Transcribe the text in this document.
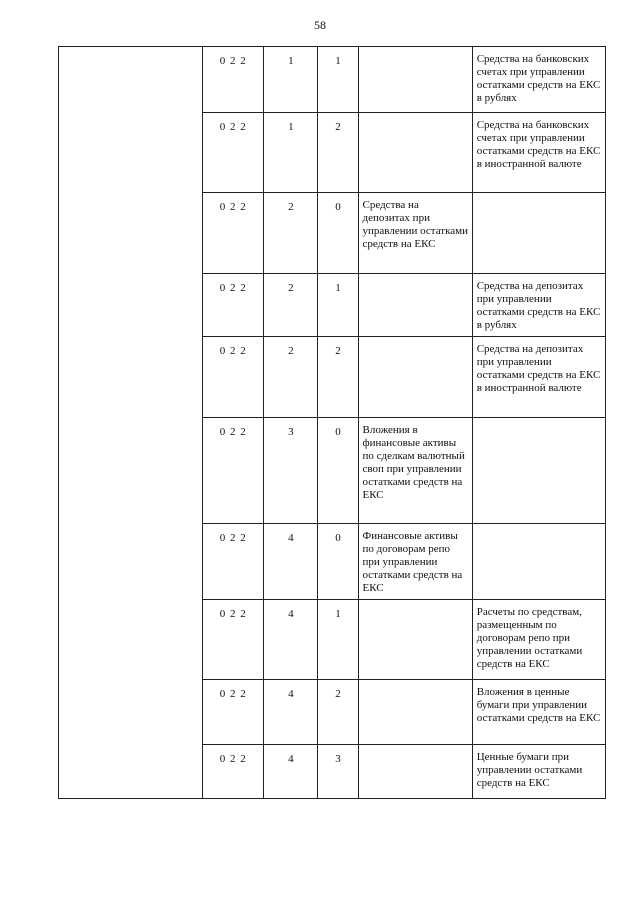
58
	0 2 2	1	1		Средства на банковских счетах при управлении остатками средств на ЕКС в рублях
	0 2 2	1	2		Средства на банковских счетах при управлении остатками средств на ЕКС в иностранной валюте
	0 2 2	2	0	Средства на депозитах при управлении остатками средств на ЕКС	
	0 2 2	2	1		Средства на депозитах при управлении остатками средств на ЕКС в рублях
	0 2 2	2	2		Средства на депозитах при управлении остатками средств на ЕКС в иностранной валюте
	0 2 2	3	0	Вложения в финансовые активы по сделкам валютный своп при управлении остатками средств на ЕКС	
	0 2 2	4	0	Финансовые активы по договорам репо при управлении остатками средств на ЕКС	
	0 2 2	4	1		Расчеты по средствам, размещенным по договорам репо при управлении остатками средств на ЕКС
	0 2 2	4	2		Вложения в ценные бумаги при управлении остатками средств на ЕКС
	0 2 2	4	3		Ценные бумаги при управлении остатками средств на ЕКС
